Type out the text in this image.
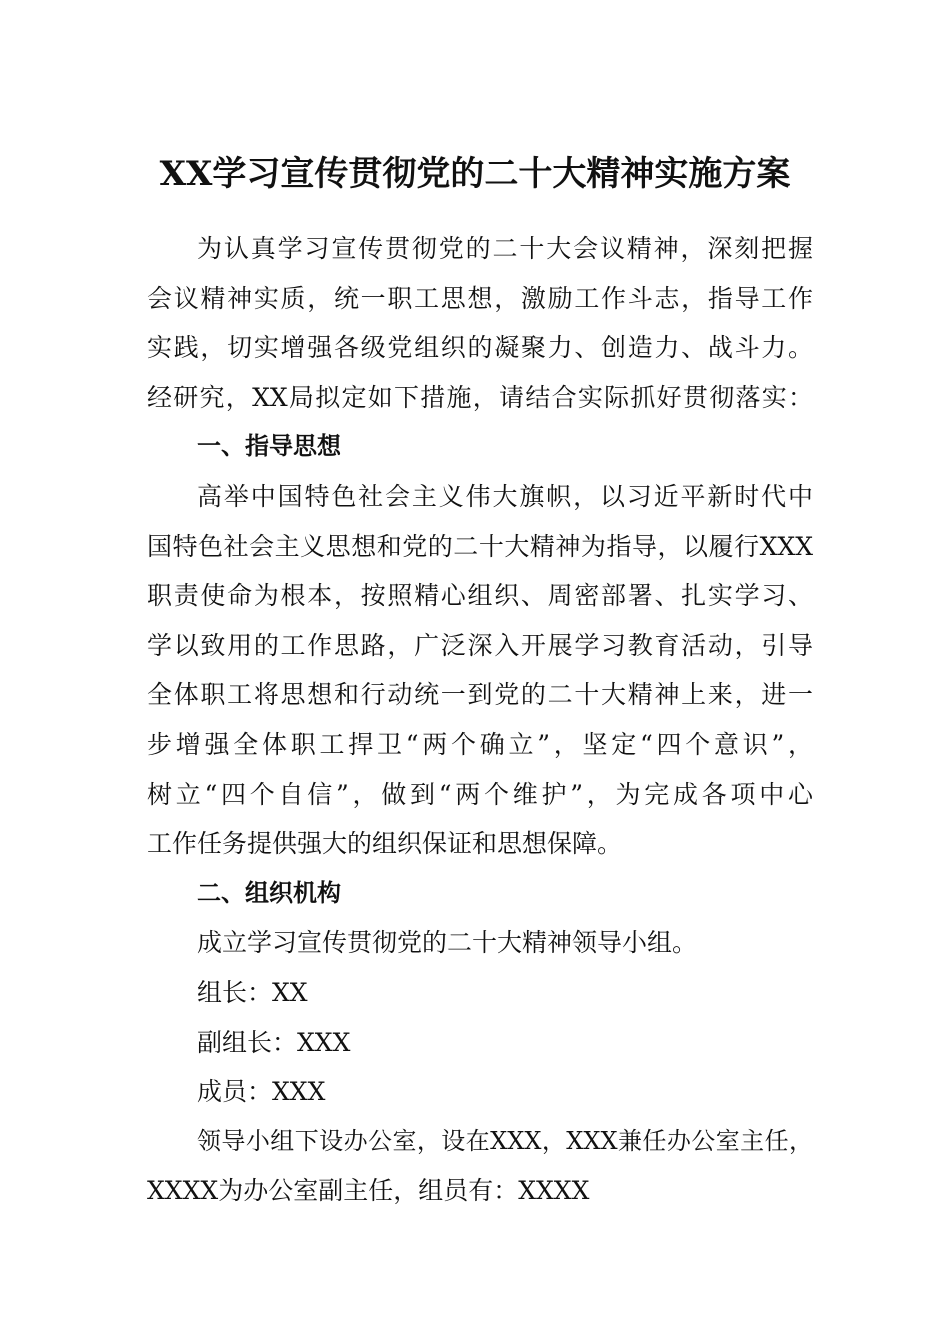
XX学习宣传贯彻党的二十大精神实施方案
为认真学习宣传贯彻党的二十大会议精神，深刻把握
会议精神实质，统一职工思想，激励工作斗志，指导工作
实践，切实增强各级党组织的凝聚力、创造力、战斗力。
经研究，XX局拟定如下措施，请结合实际抓好贯彻落实：
一、指导思想
高举中国特色社会主义伟大旗帜，以习近平新时代中
国特色社会主义思想和党的二十大精神为指导，以履行XXX
职责使命为根本，按照精心组织、周密部署、扎实学习、
学以致用的工作思路，广泛深入开展学习教育活动，引导
全体职工将思想和行动统一到党的二十大精神上来，进一
步增强全体职工捍卫“两个确立”，坚定“四个意识”，
树立“四个自信”，做到“两个维护”，为完成各项中心
工作任务提供强大的组织保证和思想保障。
二、组织机构
成立学习宣传贯彻党的二十大精神领导小组。
组长：XX
副组长：XXX
成员：XXX
领导小组下设办公室，设在XXX，XXX兼任办公室主任，
XXXX为办公室副主任，组员有：XXXX
